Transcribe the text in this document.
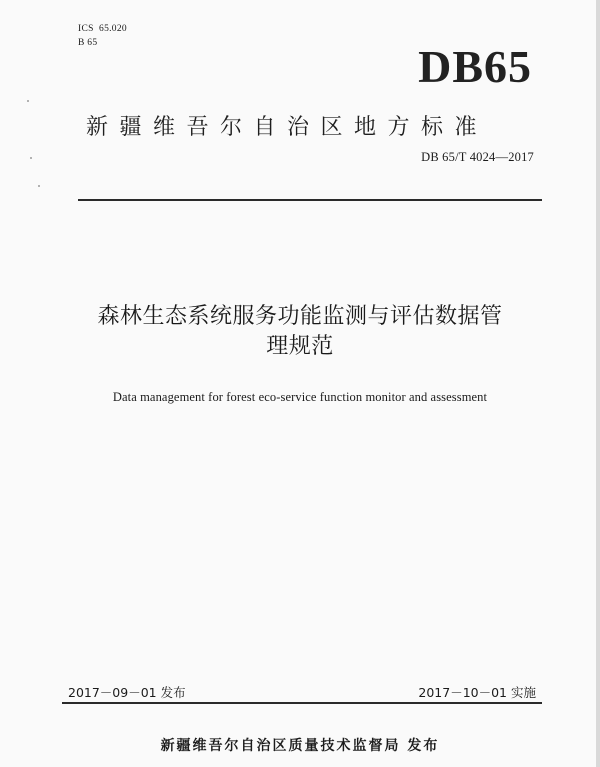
ICS  65.020
B 65	DB65
新疆维吾尔自治区地方标准
DB 65/T 4024—2017
森林生态系统服务功能监测与评估数据管
理规范
Data management for forest eco-service function monitor and assessment
2017－09－01 发布	2017－10－01 实施
新疆维吾尔自治区质量技术监督局 发布
